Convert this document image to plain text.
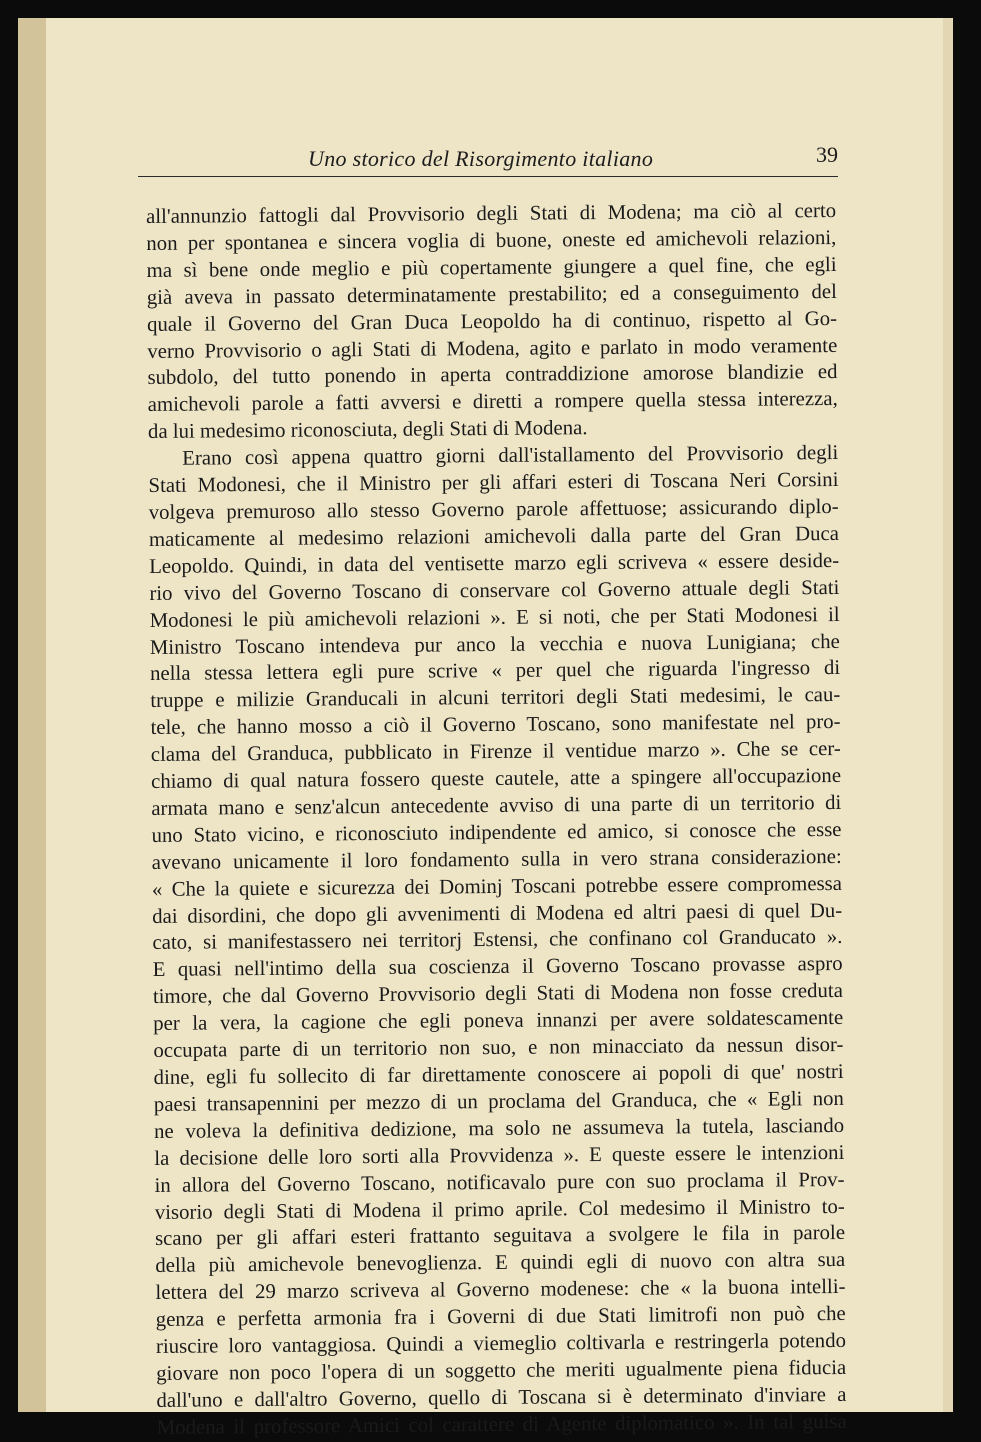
Uno storico del Risorgimento italiano	39
all'annunzio fattogli dal Provvisorio degli Stati di Modena; ma ciò al certo
non per spontanea e sincera voglia di buone, oneste ed amichevoli relazioni,
ma sì bene onde meglio e più copertamente giungere a quel fine, che egli
già aveva in passato determinatamente prestabilito; ed a conseguimento del
quale il Governo del Gran Duca Leopoldo ha di continuo, rispetto al Go-
verno Provvisorio o agli Stati di Modena, agito e parlato in modo veramente
subdolo, del tutto ponendo in aperta contraddizione amorose blandizie ed
amichevoli parole a fatti avversi e diretti a rompere quella stessa interezza,
da lui medesimo riconosciuta, degli Stati di Modena.
Erano così appena quattro giorni dall'istallamento del Provvisorio degli
Stati Modonesi, che il Ministro per gli affari esteri di Toscana Neri Corsini
volgeva premuroso allo stesso Governo parole affettuose; assicurando diplo-
maticamente al medesimo relazioni amichevoli dalla parte del Gran Duca
Leopoldo. Quindi, in data del ventisette marzo egli scriveva « essere deside-
rio vivo del Governo Toscano di conservare col Governo attuale degli Stati
Modonesi le più amichevoli relazioni ». E si noti, che per Stati Modonesi il
Ministro Toscano intendeva pur anco la vecchia e nuova Lunigiana; che
nella stessa lettera egli pure scrive « per quel che riguarda l'ingresso di
truppe e milizie Granducali in alcuni territori degli Stati medesimi, le cau-
tele, che hanno mosso a ciò il Governo Toscano, sono manifestate nel pro-
clama del Granduca, pubblicato in Firenze il ventidue marzo ». Che se cer-
chiamo di qual natura fossero queste cautele, atte a spingere all'occupazione
armata mano e senz'alcun antecedente avviso di una parte di un territorio di
uno Stato vicino, e riconosciuto indipendente ed amico, si conosce che esse
avevano unicamente il loro fondamento sulla in vero strana considerazione:
« Che la quiete e sicurezza dei Dominj Toscani potrebbe essere compromessa
dai disordini, che dopo gli avvenimenti di Modena ed altri paesi di quel Du-
cato, si manifestassero nei territorj Estensi, che confinano col Granducato ».
E quasi nell'intimo della sua coscienza il Governo Toscano provasse aspro
timore, che dal Governo Provvisorio degli Stati di Modena non fosse creduta
per la vera, la cagione che egli poneva innanzi per avere soldatescamente
occupata parte di un territorio non suo, e non minacciato da nessun disor-
dine, egli fu sollecito di far direttamente conoscere ai popoli di que' nostri
paesi transapennini per mezzo di un proclama del Granduca, che « Egli non
ne voleva la definitiva dedizione, ma solo ne assumeva la tutela, lasciando
la decisione delle loro sorti alla Provvidenza ». E queste essere le intenzioni
in allora del Governo Toscano, notificavalo pure con suo proclama il Prov-
visorio degli Stati di Modena il primo aprile. Col medesimo il Ministro to-
scano per gli affari esteri frattanto seguitava a svolgere le fila in parole
della più amichevole benevoglienza. E quindi egli di nuovo con altra sua
lettera del 29 marzo scriveva al Governo modenese: che « la buona intelli-
genza e perfetta armonia fra i Governi di due Stati limitrofi non può che
riuscire loro vantaggiosa. Quindi a viemeglio coltivarla e restringerla potendo
giovare non poco l'opera di un soggetto che meriti ugualmente piena fiducia
dall'uno e dall'altro Governo, quello di Toscana si è determinato d'inviare a
Modena il professore Amici col carattere di Agente diplomatico ». In tal guisa
